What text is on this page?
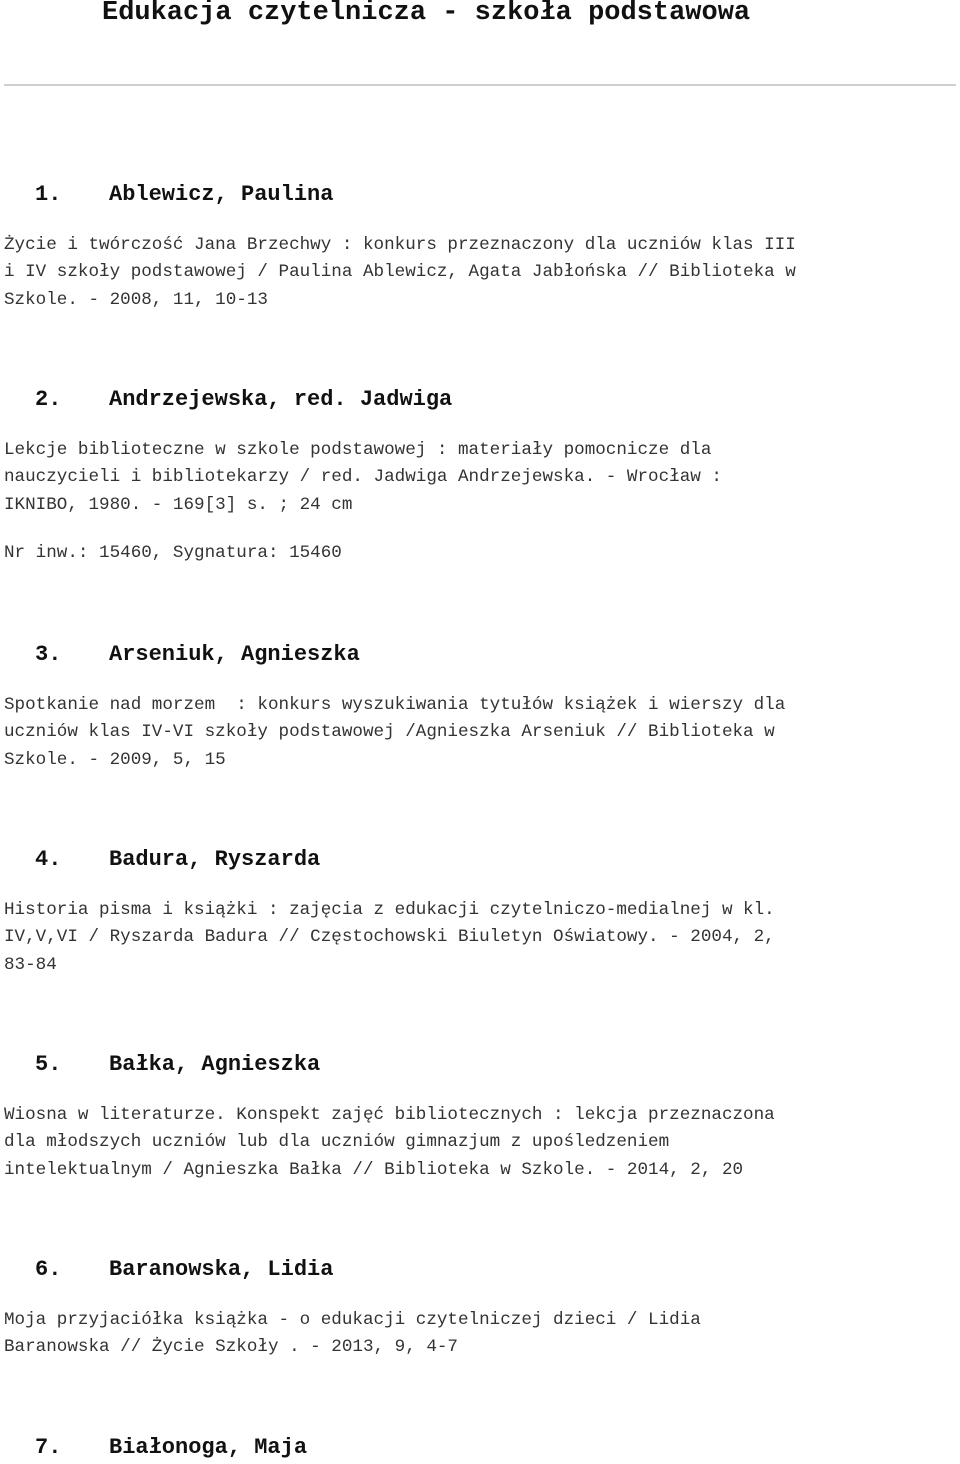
Edukacja czytelnicza - szkoła podstawowa
1. Ablewicz, Paulina
Życie i twórczość Jana Brzechwy : konkurs przeznaczony dla uczniów klas III
i IV szkoły podstawowej / Paulina Ablewicz, Agata Jabłońska // Biblioteka w
Szkole. - 2008, 11, 10-13
2. Andrzejewska, red. Jadwiga
Lekcje biblioteczne w szkole podstawowej : materiały pomocnicze dla
nauczycieli i bibliotekarzy / red. Jadwiga Andrzejewska. - Wrocław :
IKNIBO, 1980. - 169[3] s. ; 24 cm
Nr inw.: 15460, Sygnatura: 15460
3. Arseniuk, Agnieszka
Spotkanie nad morzem  : konkurs wyszukiwania tytułów książek i wierszy dla
uczniów klas IV-VI szkoły podstawowej /Agnieszka Arseniuk // Biblioteka w
Szkole. - 2009, 5, 15
4. Badura, Ryszarda
Historia pisma i książki : zajęcia z edukacji czytelniczo-medialnej w kl.
IV,V,VI / Ryszarda Badura // Częstochowski Biuletyn Oświatowy. - 2004, 2,
83-84
5. Bałka, Agnieszka
Wiosna w literaturze. Konspekt zajęć bibliotecznych : lekcja przeznaczona
dla młodszych uczniów lub dla uczniów gimnazjum z upośledzeniem
intelektualnym / Agnieszka Bałka // Biblioteka w Szkole. - 2014, 2, 20
6. Baranowska, Lidia
Moja przyjaciółka książka - o edukacji czytelniczej dzieci / Lidia
Baranowska // Życie Szkoły . - 2013, 9, 4-7
7. Białonoga, Maja
